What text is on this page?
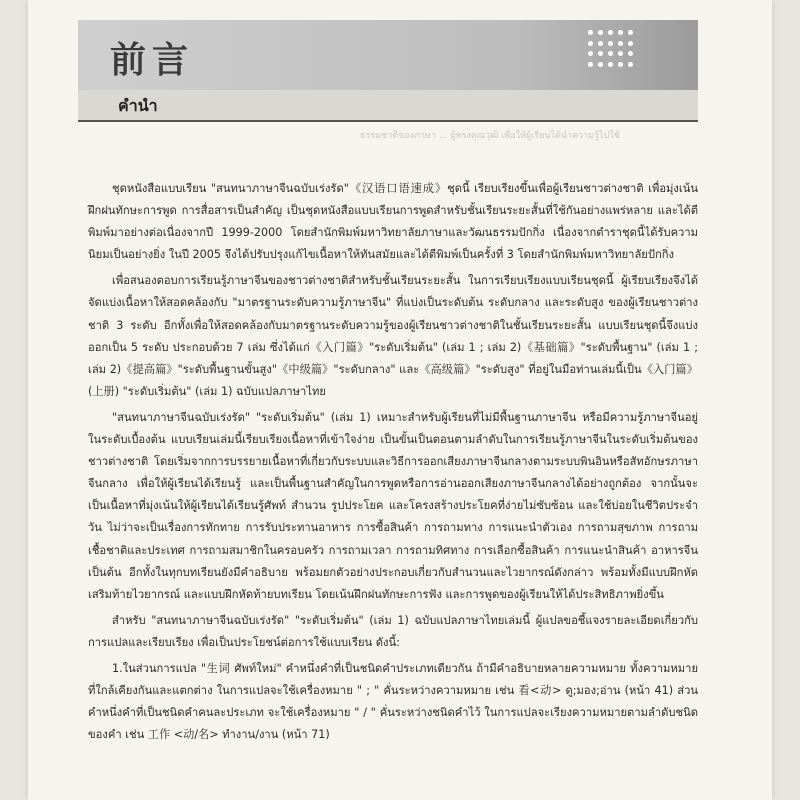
前言
คำนำ
ธรรมชาติของภาษา ... ผู้ทรงคุณวุฒิ เพื่อให้ผู้เรียนได้นำความรู้ไปใช้

ชุดหนังสือแบบเรียน "สนทนาภาษาจีนฉบับเร่งรัด"《汉语口语速成》ชุดนี้ เรียบเรียงขึ้นเพื่อผู้เรียนชาวต่างชาติ เพื่อมุ่งเน้นฝึกฝนทักษะการพูด การสื่อสารเป็นสำคัญ เป็นชุดหนังสือแบบเรียนการพูดสำหรับชั้นเรียนระยะสั้นที่ใช้กันอย่างแพร่หลาย และได้ตีพิมพ์มาอย่างต่อเนื่องจากปี 1999-2000 โดยสำนักพิมพ์มหาวิทยาลัยภาษาและวัฒนธรรมปักกิ่ง เนื่องจากตำราชุดนี้ได้รับความนิยมเป็นอย่างยิ่ง ในปี 2005 จึงได้ปรับปรุงแก้ไขเนื้อหาให้ทันสมัยและได้ตีพิมพ์เป็นครั้งที่ 3 โดยสำนักพิมพ์มหาวิทยาลัยปักกิ่ง

เพื่อสนองตอบการเรียนรู้ภาษาจีนของชาวต่างชาติสำหรับชั้นเรียนระยะสั้น ในการเรียบเรียงแบบเรียนชุดนี้ ผู้เรียบเรียงจึงได้จัดแบ่งเนื้อหาให้สอดคล้องกับ "มาตรฐานระดับความรู้ภาษาจีน" ที่แบ่งเป็นระดับต้น ระดับกลาง และระดับสูง ของผู้เรียนชาวต่างชาติ 3 ระดับ อีกทั้งเพื่อให้สอดคล้องกับมาตรฐานระดับความรู้ของผู้เรียนชาวต่างชาติในชั้นเรียนระยะสั้น แบบเรียนชุดนี้จึงแบ่งออกเป็น 5 ระดับ ประกอบด้วย 7 เล่ม ซึ่งได้แก่《入门篇》"ระดับเริ่มต้น" (เล่ม 1 ; เล่ม 2)《基础篇》"ระดับพื้นฐาน" (เล่ม 1 ; เล่ม 2)《提高篇》"ระดับพื้นฐานขั้นสูง"《中级篇》"ระดับกลาง" และ《高级篇》"ระดับสูง" ที่อยู่ในมือท่านเล่มนี้เป็น《入门篇》(上册) "ระดับเริ่มต้น" (เล่ม 1) ฉบับแปลภาษาไทย

"สนทนาภาษาจีนฉบับเร่งรัด" "ระดับเริ่มต้น" (เล่ม 1) เหมาะสำหรับผู้เรียนที่ไม่มีพื้นฐานภาษาจีน หรือมีความรู้ภาษาจีนอยู่ในระดับเบื้องต้น แบบเรียนเล่มนี้เรียบเรียงเนื้อหาที่เข้าใจง่าย เป็นขั้นเป็นตอนตามลำดับในการเรียนรู้ภาษาจีนในระดับเริ่มต้นของชาวต่างชาติ โดยเริ่มจากการบรรยายเนื้อหาที่เกี่ยวกับระบบและวิธีการออกเสียงภาษาจีนกลางตามระบบพินอินหรือสัทอักษรภาษาจีนกลาง เพื่อให้ผู้เรียนได้เรียนรู้ และเป็นพื้นฐานสำคัญในการพูดหรือการอ่านออกเสียงภาษาจีนกลางได้อย่างถูกต้อง จากนั้นจะเป็นเนื้อหาที่มุ่งเน้นให้ผู้เรียนได้เรียนรู้ศัพท์ สำนวน รูปประโยค และโครงสร้างประโยคที่ง่ายไม่ซับซ้อน และใช้บ่อยในชีวิตประจำวัน ไม่ว่าจะเป็นเรื่องการทักทาย การรับประทานอาหาร การซื้อสินค้า การถามทาง การแนะนำตัวเอง การถามสุขภาพ การถามเชื้อชาติและประเทศ การถามสมาชิกในครอบครัว การถามเวลา การถามทิศทาง การเลือกซื้อสินค้า การแนะนำสินค้า อาหารจีน เป็นต้น อีกทั้งในทุกบทเรียนยังมีคำอธิบาย พร้อมยกตัวอย่างประกอบเกี่ยวกับสำนวนและไวยากรณ์ดังกล่าว พร้อมทั้งมีแบบฝึกหัดเสริมท้ายไวยากรณ์ และแบบฝึกหัดท้ายบทเรียน โดยเน้นฝึกฝนทักษะการฟัง และการพูดของผู้เรียนให้ได้ประสิทธิภาพยิ่งขึ้น

สำหรับ "สนทนาภาษาจีนฉบับเร่งรัด" "ระดับเริ่มต้น" (เล่ม 1) ฉบับแปลภาษาไทยเล่มนี้ ผู้แปลขอชี้แจงรายละเอียดเกี่ยวกับการแปลและเรียบเรียง เพื่อเป็นประโยชน์ต่อการใช้แบบเรียน ดังนี้:

1.ในส่วนการแปล "生词 ศัพท์ใหม่" คำหนึ่งคำที่เป็นชนิดคำประเภทเดียวกัน ถ้ามีคำอธิบายหลายความหมาย ทั้งความหมายที่ใกล้เคียงกันและแตกต่าง ในการแปลจะใช้เครื่องหมาย " ; " คั่นระหว่างความหมาย เช่น 看<动> ดู;มอง;อ่าน (หน้า 41) ส่วนคำหนึ่งคำที่เป็นชนิดคำคนละประเภท จะใช้เครื่องหมาย " / " คั่นระหว่างชนิดคำไว้ ในการแปลจะเรียงความหมายตามลำดับชนิดของคำ เช่น 工作 <动/名> ทำงาน/งาน (หน้า 71)
